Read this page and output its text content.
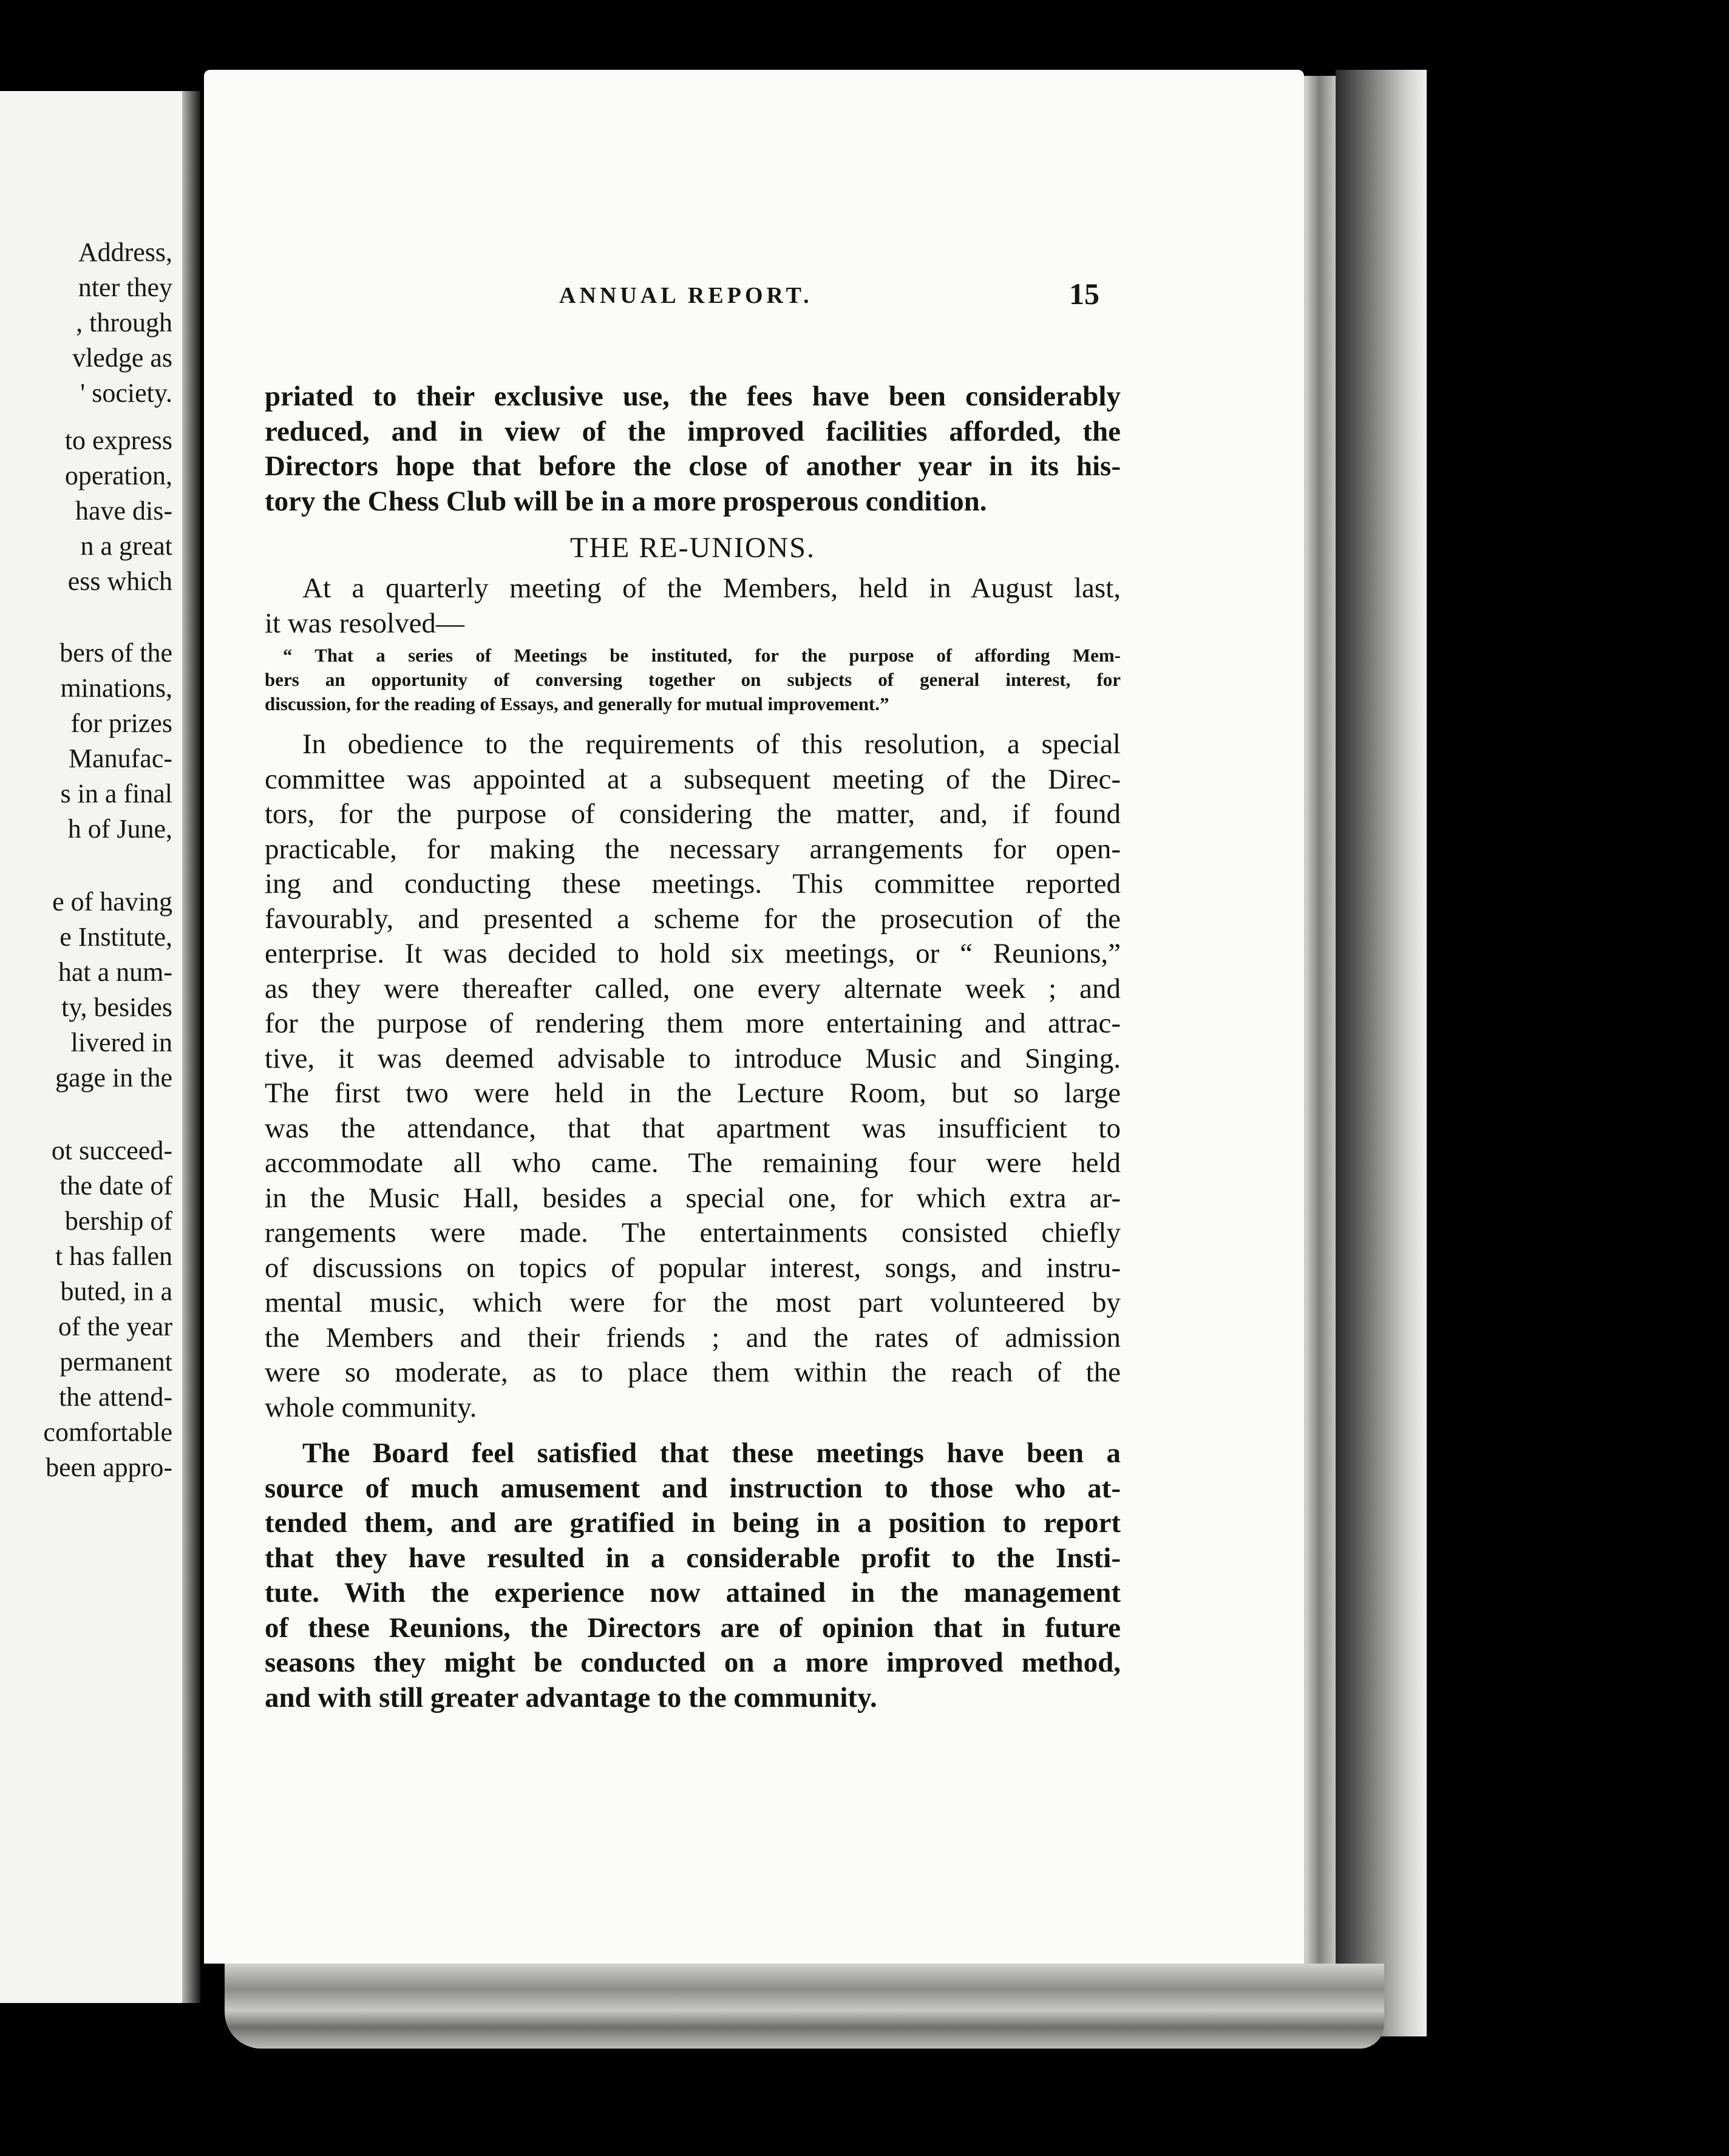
Address,
nter they
, through
vledge as
' society.
to express
operation,
have dis-
n a great
ess which
bers of the
minations,
for prizes
Manufac-
s in a final
h of June,
e of having
e Institute,
hat a num-
ty, besides
livered in
gage in the
ot succeed-
the date of
bership of
t has fallen
buted, in a
of the year
permanent
the attend-
comfortable
been appro-
ANNUAL REPORT.	15
priated to their exclusive use, the fees have been considerably
reduced, and in view of the improved facilities afforded, the
Directors hope that before the close of another year in its his-
tory the Chess Club will be in a more prosperous condition.
THE RE-UNIONS.
At a quarterly meeting of the Members, held in August last,
it was resolved—
“ That a series of Meetings be instituted, for the purpose of affording Mem-
bers an opportunity of conversing together on subjects of general interest, for
discussion, for the reading of Essays, and generally for mutual improvement.”
In obedience to the requirements of this resolution, a special
committee was appointed at a subsequent meeting of the Direc-
tors, for the purpose of considering the matter, and, if found
practicable, for making the necessary arrangements for open-
ing and conducting these meetings. This committee reported
favourably, and presented a scheme for the prosecution of the
enterprise. It was decided to hold six meetings, or “ Reunions,”
as they were thereafter called, one every alternate week ; and
for the purpose of rendering them more entertaining and attrac-
tive, it was deemed advisable to introduce Music and Singing.
The first two were held in the Lecture Room, but so large
was the attendance, that that apartment was insufficient to
accommodate all who came. The remaining four were held
in the Music Hall, besides a special one, for which extra ar-
rangements were made. The entertainments consisted chiefly
of discussions on topics of popular interest, songs, and instru-
mental music, which were for the most part volunteered by
the Members and their friends ; and the rates of admission
were so moderate, as to place them within the reach of the
whole community.
The Board feel satisfied that these meetings have been a
source of much amusement and instruction to those who at-
tended them, and are gratified in being in a position to report
that they have resulted in a considerable profit to the Insti-
tute. With the experience now attained in the management
of these Reunions, the Directors are of opinion that in future
seasons they might be conducted on a more improved method,
and with still greater advantage to the community.
